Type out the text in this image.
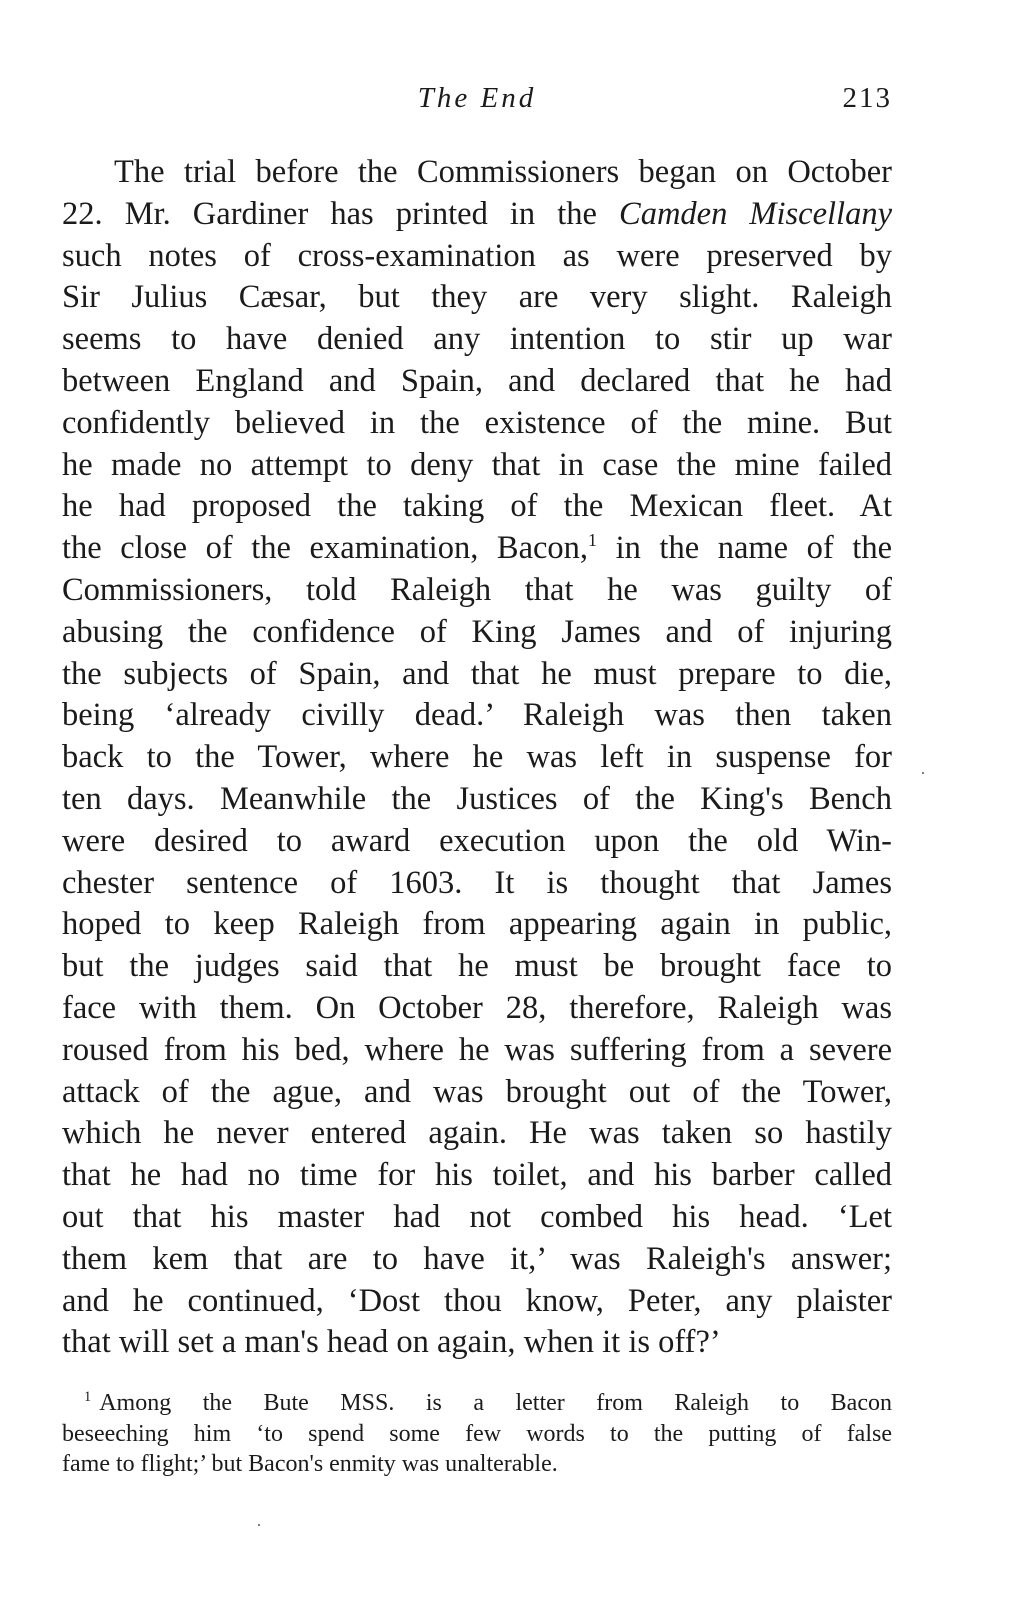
The End	213
The trial before the Commissioners began on October
22. Mr. Gardiner has printed in the Camden Miscellany
such notes of cross-examination as were preserved by
Sir Julius Cæsar, but they are very slight. Raleigh
seems to have denied any intention to stir up war
between England and Spain, and declared that he had
confidently believed in the existence of the mine. But
he made no attempt to deny that in case the mine failed
he had proposed the taking of the Mexican fleet. At
the close of the examination, Bacon,$^1$ in the name of the
Commissioners, told Raleigh that he was guilty of
abusing the confidence of King James and of injuring
the subjects of Spain, and that he must prepare to die,
being ‘already civilly dead.’ Raleigh was then taken
back to the Tower, where he was left in suspense for
ten days. Meanwhile the Justices of the King's Bench
were desired to award execution upon the old Win-
chester sentence of 1603. It is thought that James
hoped to keep Raleigh from appearing again in public,
but the judges said that he must be brought face to
face with them. On October 28, therefore, Raleigh was
roused from his bed, where he was suffering from a severe
attack of the ague, and was brought out of the Tower,
which he never entered again. He was taken so hastily
that he had no time for his toilet, and his barber called
out that his master had not combed his head. ‘Let
them kem that are to have it,’ was Raleigh's answer;
and he continued, ‘Dost thou know, Peter, any plaister
that will set a man's head on again, when it is off?’
$^1$ Among the Bute MSS. is a letter from Raleigh to Bacon
beseeching him ‘to spend some few words to the putting of false
fame to flight;’ but Bacon's enmity was unalterable.
